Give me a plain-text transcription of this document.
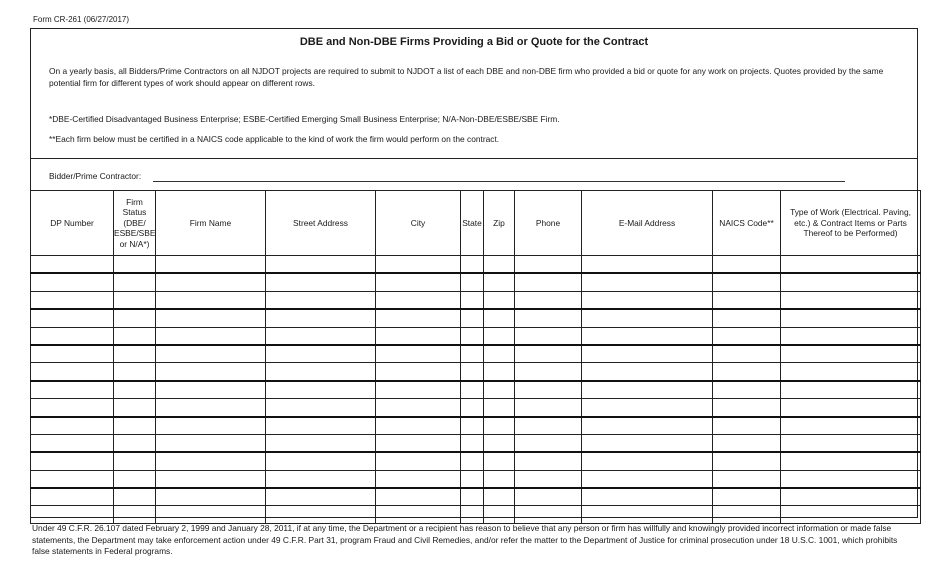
Form CR-261 (06/27/2017)
DBE and Non-DBE Firms Providing a Bid or Quote for the Contract
On a yearly basis, all Bidders/Prime Contractors on all NJDOT projects are required to submit to NJDOT a list of each DBE and non-DBE firm who provided a bid or quote for any work on projects. Quotes provided by the same potential firm for different types of work should appear on different rows.
*DBE-Certified Disadvantaged Business Enterprise; ESBE-Certified Emerging Small Business Enterprise; N/A-Non-DBE/ESBE/SBE Firm.
**Each firm below must be certified in a NAICS code applicable to the kind of work the firm would perform on the contract.
Bidder/Prime Contractor:
DP Number	Firm Status (DBE/ ESBE/SBE or N/A*)	Firm Name	Street Address	City	State	Zip	Phone	E-Mail Address	NAICS Code**	Type of Work (Electrical. Paving, etc.) & Contract Items or Parts Thereof to be Performed)

Under 49 C.F.R. 26.107 dated February 2, 1999 and January 28, 2011, if at any time, the Department or a recipient has reason to believe that any person or firm has willfully and knowingly provided incorrect information or made false statements, the Department may take enforcement action under 49 C.F.R. Part 31, program Fraud and Civil Remedies, and/or refer the matter to the Department of Justice for criminal prosecution under 18 U.S.C. 1001, which prohibits false statements in Federal programs.
